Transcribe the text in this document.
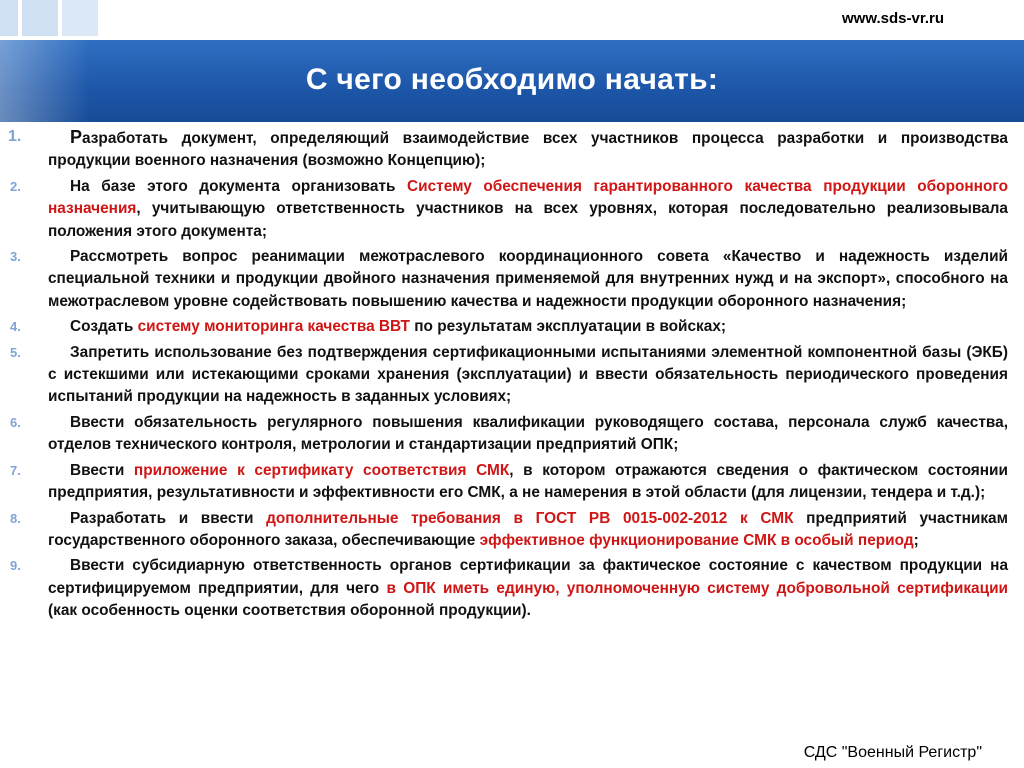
www.sds-vr.ru
С чего необходимо начать:
1.	Разработать документ, определяющий взаимодействие всех участников процесса разработки и производства продукции военного назначения (возможно Концепцию);
2.	На базе этого документа организовать Систему обеспечения гарантированного качества продукции оборонного назначения, учитывающую ответственность участников на всех уровнях, которая последовательно реализовывала положения этого документа;
3.	Рассмотреть вопрос реанимации межотраслевого координационного совета «Качество и надежность изделий специальной техники и продукции двойного назначения применяемой для внутренних нужд и на экспорт», способного на межотраслевом уровне содействовать повышению качества и надежности продукции оборонного назначения;
4.	Создать систему мониторинга качества ВВТ по результатам эксплуатации в войсках;
5.	Запретить использование без подтверждения сертификационными испытаниями элементной компонентной базы (ЭКБ) с истекшими или истекающими сроками хранения (эксплуатации) и ввести обязательность периодического проведения испытаний продукции на надежность в заданных условиях;
6.	Ввести обязательность регулярного повышения квалификации руководящего состава, персонала служб качества, отделов технического контроля, метрологии и стандартизации предприятий ОПК;
7.	Ввести приложение к сертификату соответствия СМК, в котором отражаются сведения о фактическом состоянии предприятия, результативности и эффективности его СМК, а не намерения в этой области (для лицензии, тендера и т.д.);
8.	Разработать и ввести дополнительные требования в ГОСТ РВ 0015-002-2012 к СМК предприятий участникам государственного оборонного заказа, обеспечивающие эффективное функционирование СМК в особый период;
9.	Ввести субсидиарную ответственность органов сертификации за фактическое состояние с качеством продукции на сертифицируемом предприятии, для чего в ОПК иметь единую, уполномоченную систему добровольной сертификации (как особенность оценки соответствия оборонной продукции).
СДС "Военный Регистр"
